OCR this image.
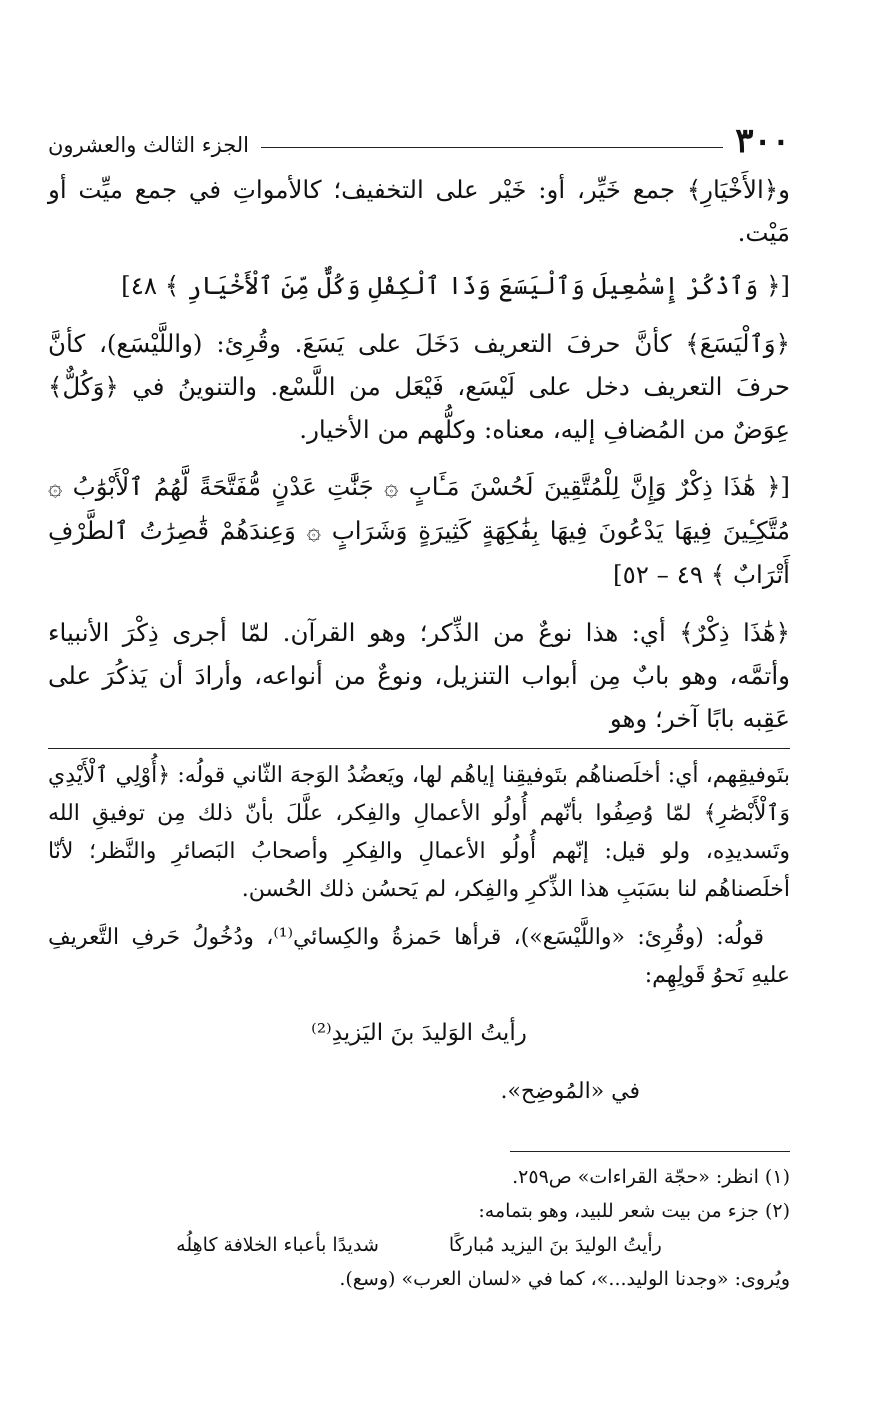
٣٠٠
الجزء الثالث والعشرون

و﴿الأَخْيَارِ﴾ جمع خَيِّر، أو: خَيْر على التخفيف؛ كالأمواتِ في جمع ميِّت أو مَيْت.

[﴿ وَٱذْكُرْ إِسْمَٰعِيلَ وَٱلْيَسَعَ وَذَا ٱلْكِفْلِ وَكُلٌّ مِّنَ ٱلْأَخْيَارِ ﴾ ٤٨]

﴿وَٱلْيَسَعَ﴾ كأنَّ حرفَ التعريف دَخَلَ على يَسَعَ. وقُرِئ: (واللَّيْسَع)، كأنَّ حرفَ التعريف دخل على لَيْسَع، فَيْعَل من اللَّسْع. والتنوينُ في ﴿وَكُلٌّ﴾ عِوَضٌ من المُضافِ إليه، معناه: وكلُّهم من الأخيار.

[﴿ هَٰذَا ذِكْرٌ وَإِنَّ لِلْمُتَّقِينَ لَحُسْنَ مَـَٔابٍ ۞ جَنَّٰتِ عَدْنٍ مُّفَتَّحَةً لَّهُمُ ٱلْأَبْوَٰبُ ۞ مُتَّكِـِٔينَ فِيهَا يَدْعُونَ فِيهَا بِفَٰكِهَةٍ كَثِيرَةٍ وَشَرَابٍ ۞ وَعِندَهُمْ قَٰصِرَٰتُ ٱلطَّرْفِ أَتْرَابٌ ﴾ ٤٩ – ٥٢]

﴿هَٰذَا ذِكْرٌ﴾ أي: هذا نوعٌ من الذِّكر؛ وهو القرآن. لمّا أجرى ذِكْرَ الأنبياء وأتمَّه، وهو بابٌ مِن أبواب التنزيل، ونوعٌ من أنواعه، وأرادَ أن يَذكُرَ على عَقِبه بابًا آخر؛ وهو

بتَوفيقِهم، أي: أخلَصناهُم بتَوفيقِنا إياهُم لها، ويَعضُدُ الوَجهَ الثّاني قولُه: ﴿أُوْلِي ٱلْأَيْدِي وَٱلْأَبْصَٰرِ﴾ لمّا وُصِفُوا بأنّهم أُولُو الأعمالِ والفِكر، علَّلَ بأنّ ذلك مِن توفيقِ الله وتَسديدِه، ولو قيل: إنّهم أُولُو الأعمالِ والفِكرِ وأصحابُ البَصائرِ والنَّظر؛ لأنّا أخلَصناهُم لنا بسَبَبِ هذا الذِّكرِ والفِكر، لم يَحسُن ذلك الحُسن.

قولُه: (وقُرِئ: «واللَّيْسَع»)، قرأها حَمزةُ والكِسائي⁽¹⁾، ودُخُولُ حَرفِ التَّعريفِ عليهِ نَحوُ قَولِهِم:

رأيتُ الوَليدَ بنَ اليَزيدِ⁽²⁾

في «المُوضِح».

(١) انظر: «حجّة القراءات» ص٢٥٩.

(٢) جزء من بيت شعر للبيد، وهو بتمامه:

رأيتُ الوليدَ بنَ اليزيد مُباركًا
شديدًا بأعباء الخلافة كاهِلُه

ويُروى: «وجدنا الوليد...»، كما في «لسان العرب» (وسع).
